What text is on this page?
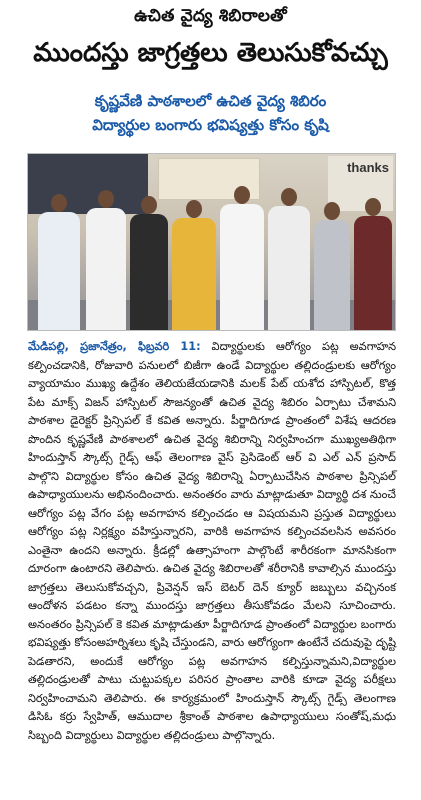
ఉచిత వైద్య శిబిరాలతో
ముందస్తు జాగ్రత్తలు తెలుసుకోవచ్చు
కృష్ణవేణి పాఠశాలలో ఉచిత వైద్య శిబిరం
విద్యార్థుల బంగారు భవిష్యత్తు కోసం కృషి
thanks
మేడిపల్లి, ప్రజానేత్రం, ఫిబ్రవరి 11: విద్యార్థులకు ఆరోగ్యం పట్ల అవగాహన కల్పించడానికి, రోజువారి పనులలో బిజీగా ఉండే విద్యార్థుల తల్లిదండ్రులకు ఆరోగ్యం వ్యాయామం ముఖ్య ఉద్దేశం తెలియజేయడానికి మలక్ పేట్ యశోద హాస్పిటల్, కొత్త పేట మాక్స్ విజన్ హాస్పిటల్ సౌజన్యంతో ఉచిత వైద్య శిబిరం ఏర్పాటు చేశామని పాఠశాల డైరెక్టర్ ప్రిన్సిపల్ కే కవిత అన్నారు. పీర్జాదిగూడ ప్రాంతంలో విశేష ఆదరణ పొందిన కృష్ణవేణి పాఠశాలలో ఉచిత వైద్య శిబిరాన్ని నిర్వహించగా ముఖ్యఅతిథిగా హిందుస్తాన్ స్కౌట్స్ గైడ్స్ ఆఫ్ తెలంగాణ వైస్ ప్రెసిడెంట్ ఆర్ వి ఎల్ ఎన్ ప్రసాద్ పాల్గొని విద్యార్థుల కోసం ఉచిత వైద్య శిబిరాన్ని ఏర్పాటుచేసిన పాఠశాల ప్రిన్సిపల్ ఉపాధ్యాయులను అభినందించారు. అనంతరం వారు మాట్లాడుతూ విద్యార్థి దశ నుంచే ఆరోగ్యం పట్ల వేగం పట్ల అవగాహన కల్పించడం ఆ విషయమని ప్రస్తుత విద్యార్థులు ఆరోగ్యం పట్ల నిర్లక్ష్యం వహిస్తున్నారని, వారికి అవగాహన కల్పించవలసిన అవసరం ఎంతైనా ఉందని అన్నారు. క్రీడల్లో ఉత్సాహంగా పాల్గొంటే శారీరకంగా మానసికంగా దూరంగా ఉంటారని తెలిపారు. ఉచిత వైద్య శిబిరాలతో శరీరానికి కావాల్సిన ముందస్తు జాగ్రత్తలు తెలుసుకోవచ్చని, ప్రివెన్షన్ ఇస్ బెటర్ దెన్ క్యూర్ జబ్బులు వచ్చినంక ఆందోళన పడటం కన్నా ముందస్తు జాగ్రత్తలు తీసుకోవడం మేలని సూచించారు. అనంతరం ప్రిన్సిపల్ కె కవిత మాట్లాడుతూ పీర్జాదిగూడ ప్రాంతంలో విద్యార్థుల బంగారు భవిష్యత్తు కోసంఅహర్నిశలు కృషి చేస్తుండని, వారు ఆరోగ్యంగా ఉంటేనే చదువుపై దృష్టి పెడతారని, అందుకే ఆరోగ్యం పట్ల అవగాహన కల్పిస్తున్నామని,విద్యార్థుల తల్లిదండ్రులతో పాటు చుట్టుపక్కల పరిసర ప్రాంతాల వారికి కూడా వైద్య పరీక్షలు నిర్వహించామని తెలిపారు. ఈ కార్యక్రమంలో హిందుస్తాన్ స్కౌట్స్ గైడ్స్ తెలంగాణ డిసిఓ కర్రు స్వేహిత్, ఆముదాల శ్రీకాంత్ పాఠశాల ఉపాధ్యాయులు సంతోష్,మధు సిబ్బంది విద్యార్థులు విద్యార్థుల తల్లిదండ్రులు పాల్గొన్నారు.
